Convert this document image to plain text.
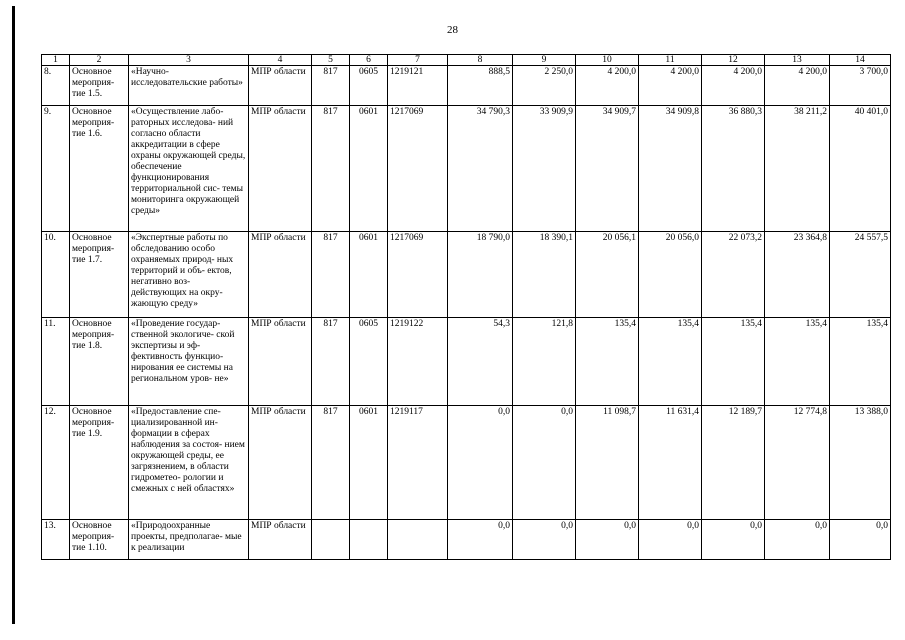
28
1	2	3	4	5	6	7	8	9	10	11	12	13	14
8.	Основное мероприя- тие 1.5.	«Научно- исследовательские работы»	МПР области	817	0605	1219121	888,5	2 250,0	4 200,0	4 200,0	4 200,0	4 200,0	3 700,0
9.	Основное мероприя- тие 1.6.	«Осуществление лабо- раторных исследова- ний согласно области аккредитации в сфере охраны окружающей среды, обеспечение функционирования территориальной сис- темы мониторинга окружающей среды»	МПР области	817	0601	1217069	34 790,3	33 909,9	34 909,7	34 909,8	36 880,3	38 211,2	40 401,0
10.	Основное мероприя- тие 1.7.	«Экспертные работы по обследованию особо охраняемых природ- ных территорий и объ- ектов, негативно воз- действующих на окру- жающую среду»	МПР области	817	0601	1217069	18 790,0	18 390,1	20 056,1	20 056,0	22 073,2	23 364,8	24 557,5
11.	Основное мероприя- тие 1.8.	«Проведение государ- ственной экологиче- ской экспертизы и эф- фективность функцио- нирования ее системы на региональном уров- не»	МПР области	817	0605	1219122	54,3	121,8	135,4	135,4	135,4	135,4	135,4
12.	Основное мероприя- тие 1.9.	«Предоставление спе- циализированной ин- формации в сферах наблюдения за состоя- нием окружающей среды, ее загрязнением, в области гидрометео- рологии и смежных с ней областях»	МПР области	817	0601	1219117	0,0	0,0	11 098,7	11 631,4	12 189,7	12 774,8	13 388,0
13.	Основное мероприя- тие 1.10.	«Природоохранные проекты, предполагае- мые к реализации	МПР области				0,0	0,0	0,0	0,0	0,0	0,0	0,0
